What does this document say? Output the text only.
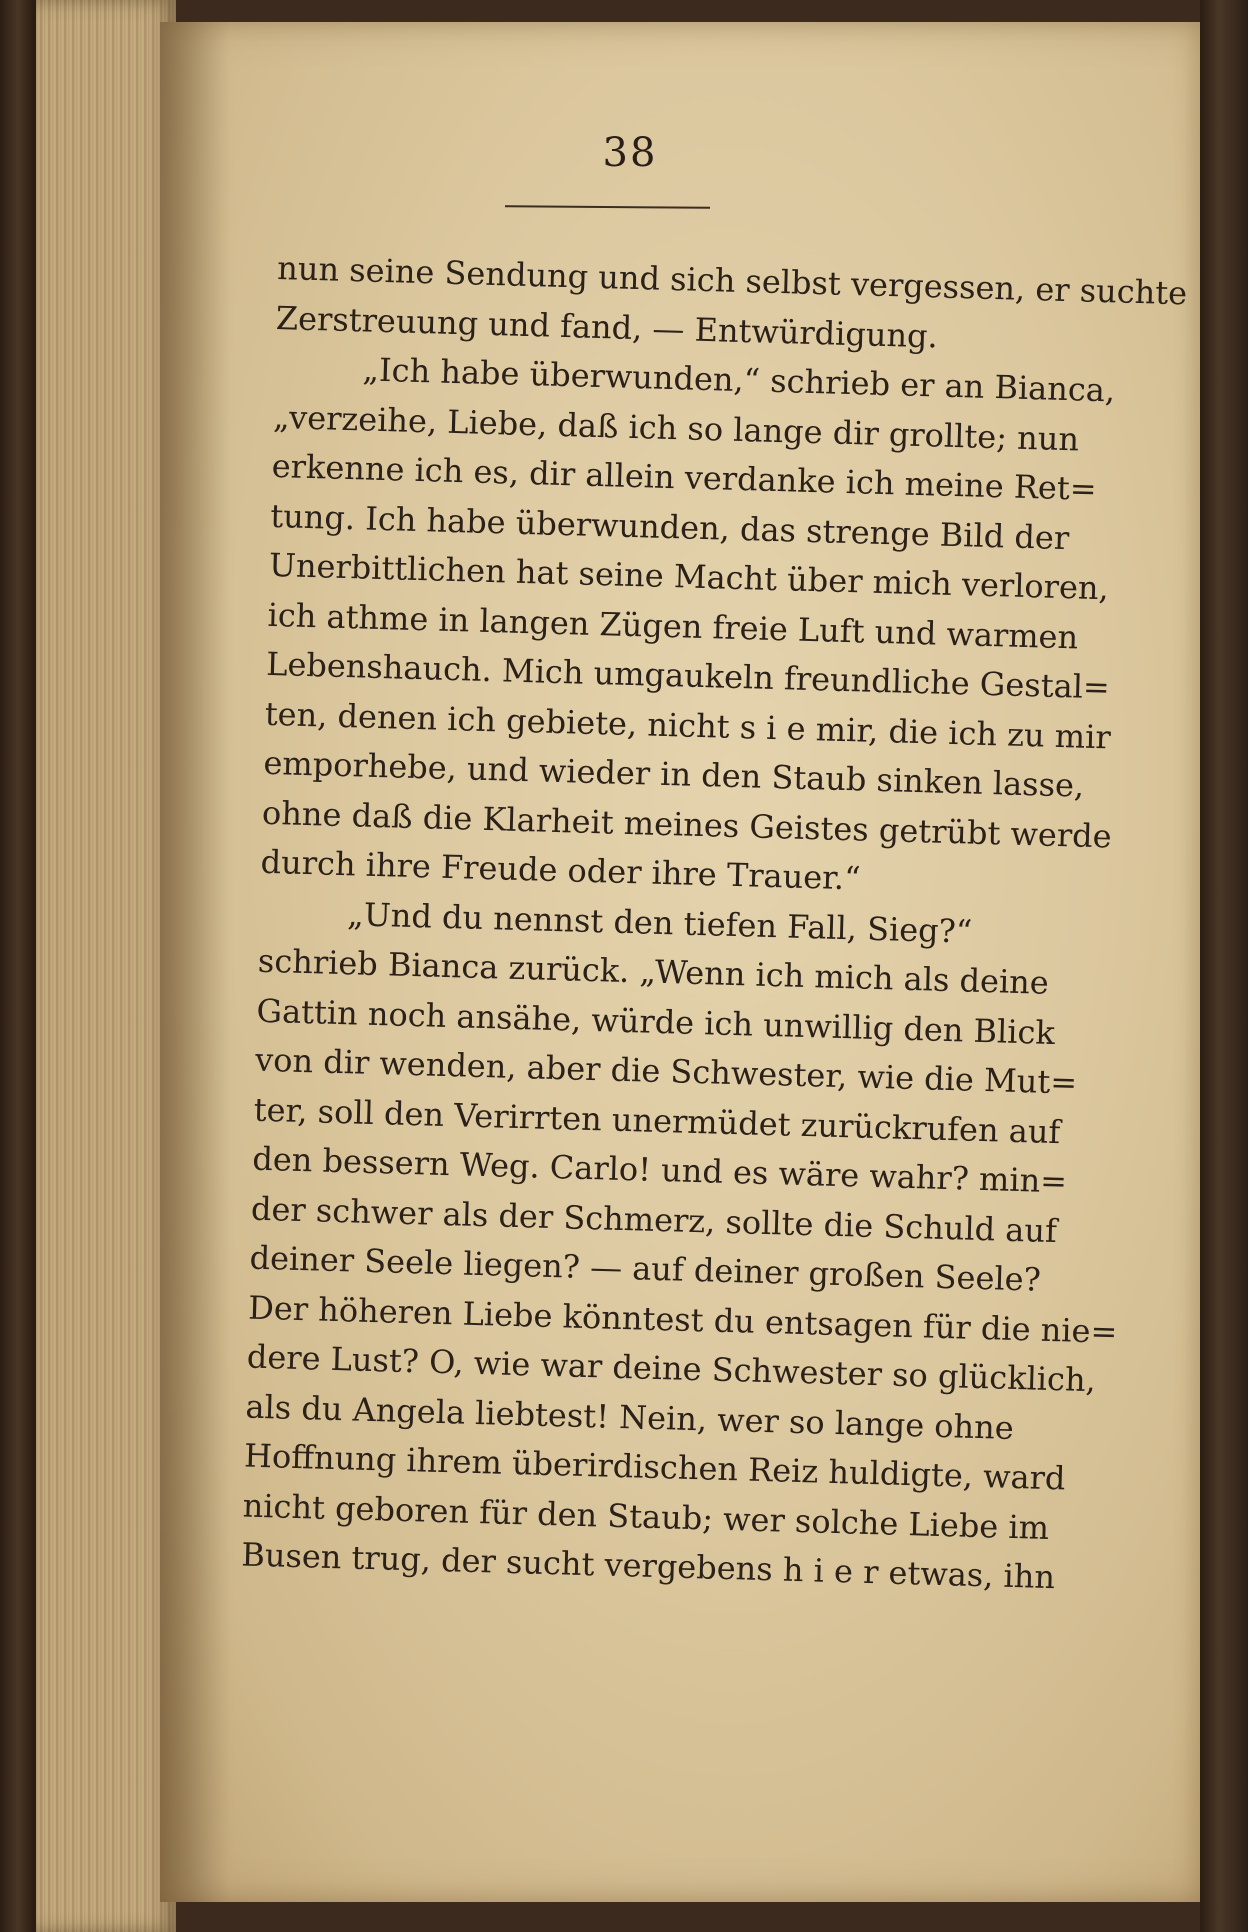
38
nun seine Sendung und sich selbst vergessen, er suchte
Zerstreuung und fand, — Entwürdigung.
„Ich habe überwunden,“ schrieb er an Bianca,
„verzeihe, Liebe, daß ich so lange dir grollte; nun
erkenne ich es, dir allein verdanke ich meine Ret=
tung. Ich habe überwunden, das strenge Bild der
Unerbittlichen hat seine Macht über mich verloren,
ich athme in langen Zügen freie Luft und warmen
Lebenshauch. Mich umgaukeln freundliche Gestal=
ten, denen ich gebiete, nicht s i e mir, die ich zu mir
emporhebe, und wieder in den Staub sinken lasse,
ohne daß die Klarheit meines Geistes getrübt werde
durch ihre Freude oder ihre Trauer.“
„Und du nennst den tiefen Fall, Sieg?“
schrieb Bianca zurück. „Wenn ich mich als deine
Gattin noch ansähe, würde ich unwillig den Blick
von dir wenden, aber die Schwester, wie die Mut=
ter, soll den Verirrten unermüdet zurückrufen auf
den bessern Weg. Carlo! und es wäre wahr? min=
der schwer als der Schmerz, sollte die Schuld auf
deiner Seele liegen? — auf deiner großen Seele?
Der höheren Liebe könntest du entsagen für die nie=
dere Lust? O, wie war deine Schwester so glücklich,
als du Angela liebtest! Nein, wer so lange ohne
Hoffnung ihrem überirdischen Reiz huldigte, ward
nicht geboren für den Staub; wer solche Liebe im
Busen trug, der sucht vergebens h i e r etwas, ihn
